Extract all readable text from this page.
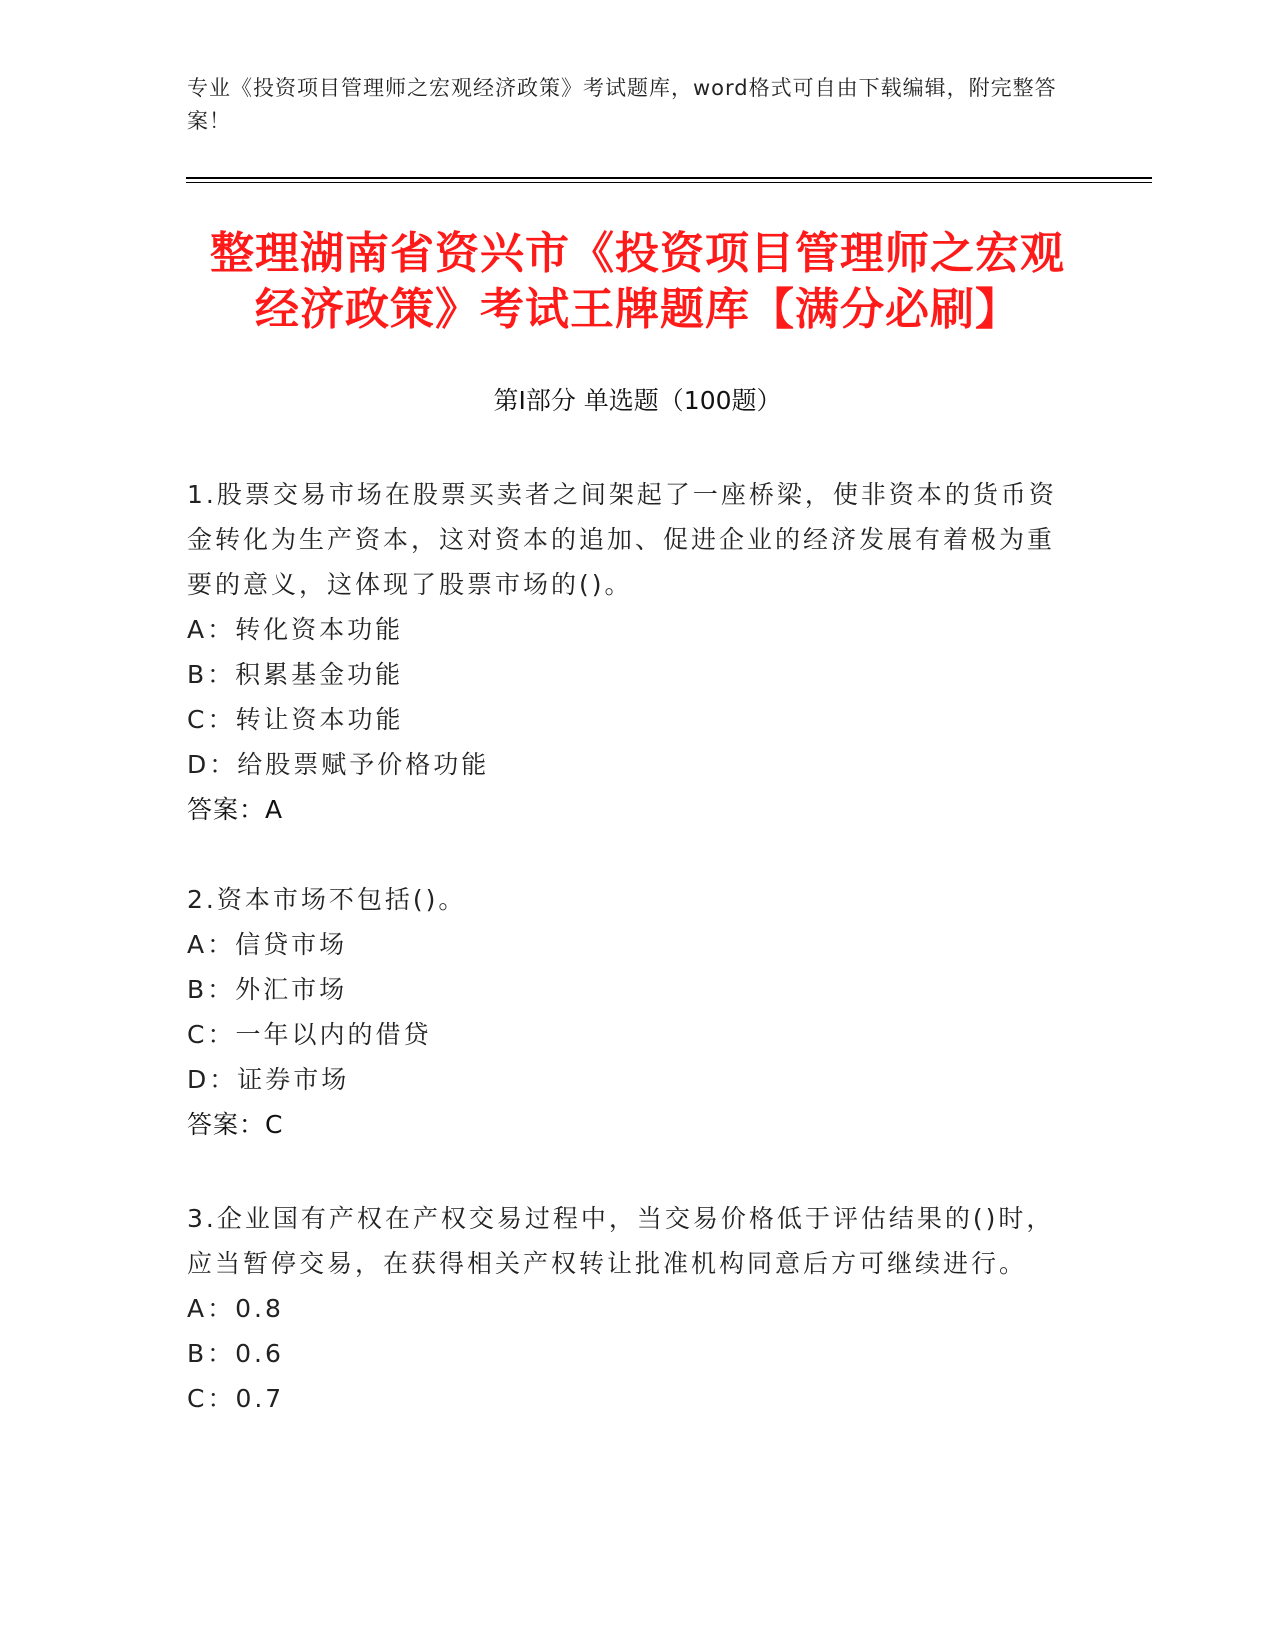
专业《投资项目管理师之宏观经济政策》考试题库，word格式可自由下载编辑，附完整答案！
整理湖南省资兴市《投资项目管理师之宏观
经济政策》考试王牌题库【满分必刷】
第Ⅰ部分 单选题（100题）
1.股票交易市场在股票买卖者之间架起了一座桥梁，使非资本的货币资金转化为生产资本，这对资本的追加、促进企业的经济发展有着极为重要的意义，这体现了股票市场的()。
A：转化资本功能
B：积累基金功能
C：转让资本功能
D：给股票赋予价格功能
答案：A
2.资本市场不包括()。
A：信贷市场
B：外汇市场
C：一年以内的借贷
D：证券市场
答案：C
3.企业国有产权在产权交易过程中，当交易价格低于评估结果的()时，应当暂停交易，在获得相关产权转让批准机构同意后方可继续进行。
A：0.8
B：0.6
C：0.7
